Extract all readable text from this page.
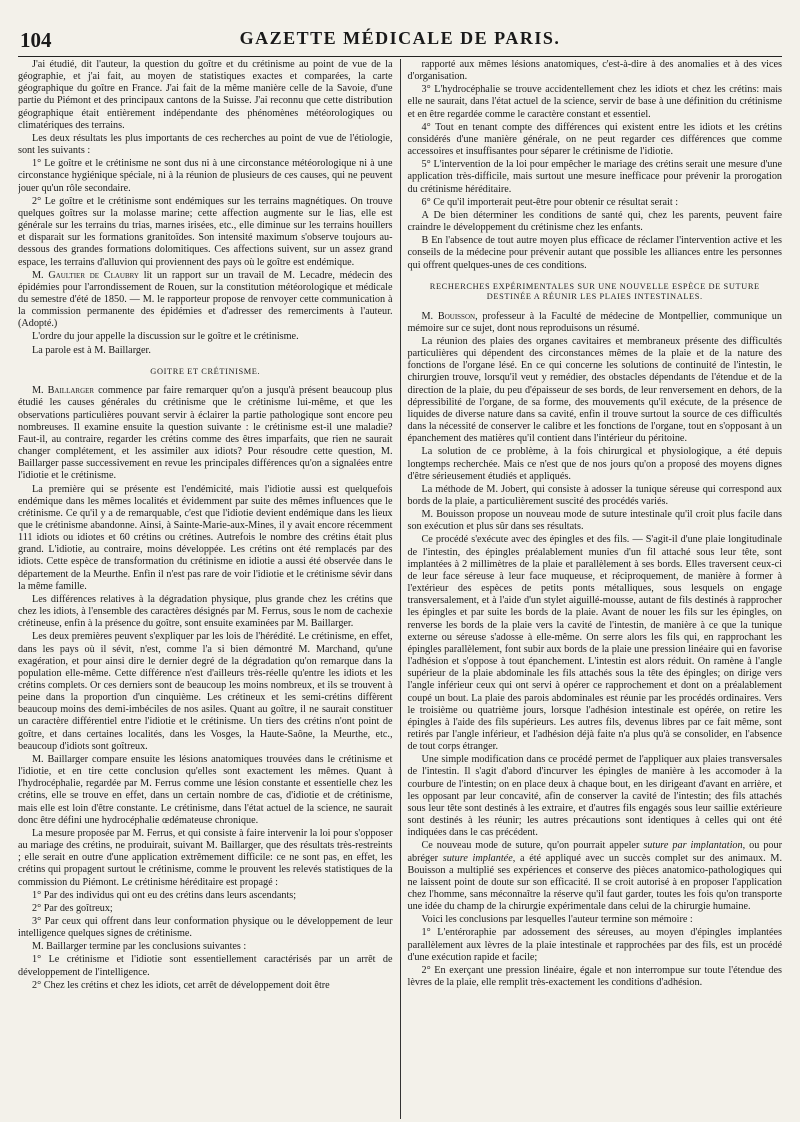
104	GAZETTE MÉDICALE DE PARIS.

J'ai étudié, dit l'auteur, la question du goître et du crétinisme au point de vue de la géographie, et j'ai fait, au moyen de statistiques exactes et comparées, la carte géographique du goître en France. J'ai fait de la même manière celle de la Savoie, d'une partie du Piémont et des principaux cantons de la Suisse. J'ai reconnu que cette distribution géographique était entièrement indépendante des phénomènes météorologiques ou climatériques des terrains.

Les deux résultats les plus importants de ces recherches au point de vue de l'étiologie, sont les suivants :

1° Le goître et le crétinisme ne sont dus ni à une circonstance météorologique ni à une circonstance hygiénique spéciale, ni à la réunion de plusieurs de ces causes, qui ne peuvent jouer qu'un rôle secondaire.

2° Le goître et le crétinisme sont endémiques sur les terrains magnétiques. On trouve quelques goîtres sur la molasse marine; cette affection augmente sur le lias, elle est générale sur les terrains du trias, marnes irisées, etc., elle diminue sur les terrains houillers et disparait sur les formations granitoïdes. Son intensité maximum s'observe toujours au-dessous des grandes formations dolomitiques. Ces affections suivent, sur un assez grand espace, les terrains d'alluvion qui proviennent des pays où le goître est endémique.

M. Gaultier de Claubry lit un rapport sur un travail de M. Lecadre, médecin des épidémies pour l'arrondissement de Rouen, sur la constitution météorologique et médicale du semestre d'été de 1850. — M. le rapporteur propose de renvoyer cette communication à la commission permanente des épidémies et d'adresser des remerciments à l'auteur. (Adopté.)

L'ordre du jour appelle la discussion sur le goître et le crétinisme.

La parole est à M. Baillarger.

GOITRE ET CRÉTINISME.

M. Baillarger commence par faire remarquer qu'on a jusqu'à présent beaucoup plus étudié les causes générales du crétinisme que le crétinisme lui-même, et que les observations particulières pouvant servir à éclairer la partie pathologique sont encore peu nombreuses. Il examine ensuite la question suivante : le crétinisme est-il une maladie? Faut-il, au contraire, regarder les crétins comme des êtres imparfaits, que rien ne saurait changer complétement, et les assimiler aux idiots? Pour résoudre cette question, M. Baillarger passe successivement en revue les principales différences qu'on a signalées entre l'idiotie et le crétinisme.

La première qui se présente est l'endémicité, mais l'idiotie aussi est quelquefois endémique dans les mêmes localités et évidemment par suite des mêmes influences que le crétinisme. Ce qu'il y a de remarquable, c'est que l'idiotie devient endémique dans les lieux que le crétinisme abandonne. Ainsi, à Sainte-Marie-aux-Mines, il y avait encore récemment 111 idiots ou idiotes et 60 crétins ou crétines. Autrefois le nombre des crétins était plus grand. L'idiotie, au contraire, moins développée. Les crétins ont été remplacés par des idiots. Cette espèce de transformation du crétinisme en idiotie a aussi été observée dans le département de la Meurthe. Enfin il n'est pas rare de voir l'idiotie et le crétinisme sévir dans la même famille.

Les différences relatives à la dégradation physique, plus grande chez les crétins que chez les idiots, à l'ensemble des caractères désignés par M. Ferrus, sous le nom de cachexie crétineuse, enfin à la présence du goître, sont ensuite examinées par M. Baillarger.

Les deux premières peuvent s'expliquer par les lois de l'hérédité. Le crétinisme, en effet, dans les pays où il sévit, n'est, comme l'a si bien démontré M. Marchand, qu'une exagération, et pour ainsi dire le dernier degré de la dégradation qu'on remarque dans la population elle-même. Cette différence n'est d'ailleurs très-réelle qu'entre les idiots et les crétins complets. Or ces derniers sont de beaucoup les moins nombreux, et ils se trouvent à peine dans la proportion d'un cinquième. Les crétineux et les semi-crétins diffèrent beaucoup moins des demi-imbéciles de nos asiles. Quant au goître, il ne saurait constituer un caractère différentiel entre l'idiotie et le crétinisme. Un tiers des crétins n'ont point de goître, et dans certaines localités, dans les Vosges, la Haute-Saône, la Meurthe, etc., beaucoup d'idiots sont goîtreux.

M. Baillarger compare ensuite les lésions anatomiques trouvées dans le crétinisme et l'idiotie, et en tire cette conclusion qu'elles sont exactement les mêmes. Quant à l'hydrocéphalie, regardée par M. Ferrus comme une lésion constante et essentielle chez les crétins, elle se trouve en effet, dans un certain nombre de cas, d'idiotie et de crétinisme, mais elle est loin d'être constante. Le crétinisme, dans l'état actuel de la science, ne saurait donc être défini une hydrocéphalie œdémateuse chronique.

La mesure proposée par M. Ferrus, et qui consiste à faire intervenir la loi pour s'opposer au mariage des crétins, ne produirait, suivant M. Baillarger, que des résultats très-restreints ; elle serait en outre d'une application extrêmement difficile: ce ne sont pas, en effet, les crétins qui propagent surtout le crétinisme, comme le prouvent les relevés statistiques de la commission du Piémont. Le crétinisme héréditaire est propagé :

1° Par des individus qui ont eu des crétins dans leurs ascendants;

2° Par des goîtreux;

3° Par ceux qui offrent dans leur conformation physique ou le développement de leur intelligence quelques signes de crétinisme.

M. Baillarger termine par les conclusions suivantes :

1° Le crétinisme et l'idiotie sont essentiellement caractérisés par un arrêt de développement de l'intelligence.

2° Chez les crétins et chez les idiots, cet arrêt de développement doit être

rapporté aux mêmes lésions anatomiques, c'est-à-dire à des anomalies et à des vices d'organisation.

3° L'hydrocéphalie se trouve accidentellement chez les idiots et chez les crétins: mais elle ne saurait, dans l'état actuel de la science, servir de base à une définition du crétinisme et en être regardée comme le caractère constant et essentiel.

4° Tout en tenant compte des différences qui existent entre les idiots et les crétins considérés d'une manière générale, on ne peut regarder ces différences que comme accessoires et insuffisantes pour séparer le crétinisme de l'idiotie.

5° L'intervention de la loi pour empêcher le mariage des crétins serait une mesure d'une application très-difficile, mais surtout une mesure inefficace pour prévenir la prorogation du crétinisme héréditaire.

6° Ce qu'il importerait peut-être pour obtenir ce résultat serait :

A De bien déterminer les conditions de santé qui, chez les parents, peuvent faire craindre le développement du crétinisme chez les enfants.

B En l'absence de tout autre moyen plus efficace de réclamer l'intervention active et les conseils de la médecine pour prévenir autant que possible les alliances entre les personnes qui offrent quelques-unes de ces conditions.

RECHERCHES EXPÉRIMENTALES SUR UNE NOUVELLE ESPÈCE DE SUTURE DESTINÉE A RÉUNIR LES PLAIES INTESTINALES.

M. Bouisson, professeur à la Faculté de médecine de Montpellier, communique un mémoire sur ce sujet, dont nous reproduisons un résumé.

La réunion des plaies des organes cavitaires et membraneux présente des difficultés particulières qui dépendent des circonstances mêmes de la plaie et de la nature des fonctions de l'organe lésé. En ce qui concerne les solutions de continuité de l'intestin, le chirurgien trouve, lorsqu'il veut y remédier, des obstacles dépendants de l'étendue et de la direction de la plaie, du peu d'épaisseur de ses bords, de leur renversement en dehors, de la dépressibilité de l'organe, de sa forme, des mouvements qu'il exécute, de la présence de liquides de diverse nature dans sa cavité, enfin il trouve surtout la source de ces difficultés dans la nécessité de conserver le calibre et les fonctions de l'organe, tout en s'opposant à un épanchement des matières qu'il contient dans l'intérieur du péritoine.

La solution de ce problème, à la fois chirurgical et physiologique, a été depuis longtemps recherchée. Mais ce n'est que de nos jours qu'on a proposé des moyens dignes d'être sérieusement étudiés et appliqués.

La méthode de M. Jobert, qui consiste à adosser la tunique séreuse qui correspond aux bords de la plaie, a particulièrement suscité des procédés variés.

M. Bouisson propose un nouveau mode de suture intestinale qu'il croit plus facile dans son exécution et plus sûr dans ses résultats.

Ce procédé s'exécute avec des épingles et des fils. — S'agit-il d'une plaie longitudinale de l'intestin, des épingles préalablement munies d'un fil attaché sous leur tête, sont implantées à 2 millimètres de la plaie et parallèlement à ses bords. Elles traversent ceux-ci de leur face séreuse à leur face muqueuse, et réciproquement, de manière à former à l'extérieur des espèces de petits ponts métalliques, sous lesquels on engage transversalement, et à l'aide d'un stylet aiguillé-mousse, autant de fils destinés à rapprocher les épingles et par suite les bords de la plaie. Avant de nouer les fils sur les épingles, on renverse les bords de la plaie vers la cavité de l'intestin, de manière à ce que la tunique externe ou séreuse s'adosse à elle-même. On serre alors les fils qui, en rapprochant les épingles parallèlement, font subir aux bords de la plaie une pression linéaire qui en favorise l'adhésion et s'oppose à tout épanchement. L'intestin est alors réduit. On ramène à l'angle supérieur de la plaie abdominale les fils attachés sous la tête des épingles; on dirige vers l'angle inférieur ceux qui ont servi à opérer ce rapprochement et dont on a préalablement coupé un bout. La plaie des parois abdominales est réunie par les procédés ordinaires. Vers le troisième ou quatrième jours, lorsque l'adhésion intestinale est opérée, on retire les épingles à l'aide des fils supérieurs. Les autres fils, devenus libres par ce fait même, sont retirés par l'angle inférieur, et l'adhésion déjà faite n'a plus qu'à se consolider, en l'absence de tout corps étranger.

Une simple modification dans ce procédé permet de l'appliquer aux plaies transversales de l'intestin. Il s'agit d'abord d'incurver les épingles de manière à les accomoder à la courbure de l'intestin; on en place deux à chaque bout, en les dirigeant d'avant en arrière, et les opposant par leur concavité, afin de conserver la cavité de l'intestin; des fils attachés sous leur tête sont destinés à les extraire, et d'autres fils engagés sous leur saillie extérieure sont destinés à les réunir; les autres précautions sont identiques à celles qui ont été indiquées dans le cas précédent.

Ce nouveau mode de suture, qu'on pourrait appeler suture par implantation, ou pour abréger suture implantée, a été appliqué avec un succès complet sur des animaux. M. Bouisson a multiplié ses expériences et conserve des pièces anatomico-pathologiques qui ne laissent point de doute sur son efficacité. Il se croit autorisé à en proposer l'application chez l'homme, sans méconnaître la réserve qu'il faut garder, toutes les fois qu'on transporte une idée du champ de la chirurgie expérimentale dans celui de la chirurgie humaine.

Voici les conclusions par lesquelles l'auteur termine son mémoire :

1° L'entéroraphie par adossement des séreuses, au moyen d'épingles implantées parallèlement aux lèvres de la plaie intestinale et rapprochées par des fils, est un procédé d'une exécution rapide et facile;

2° En exerçant une pression linéaire, égale et non interrompue sur toute l'étendue des lèvres de la plaie, elle remplit très-exactement les conditions d'adhésion.
